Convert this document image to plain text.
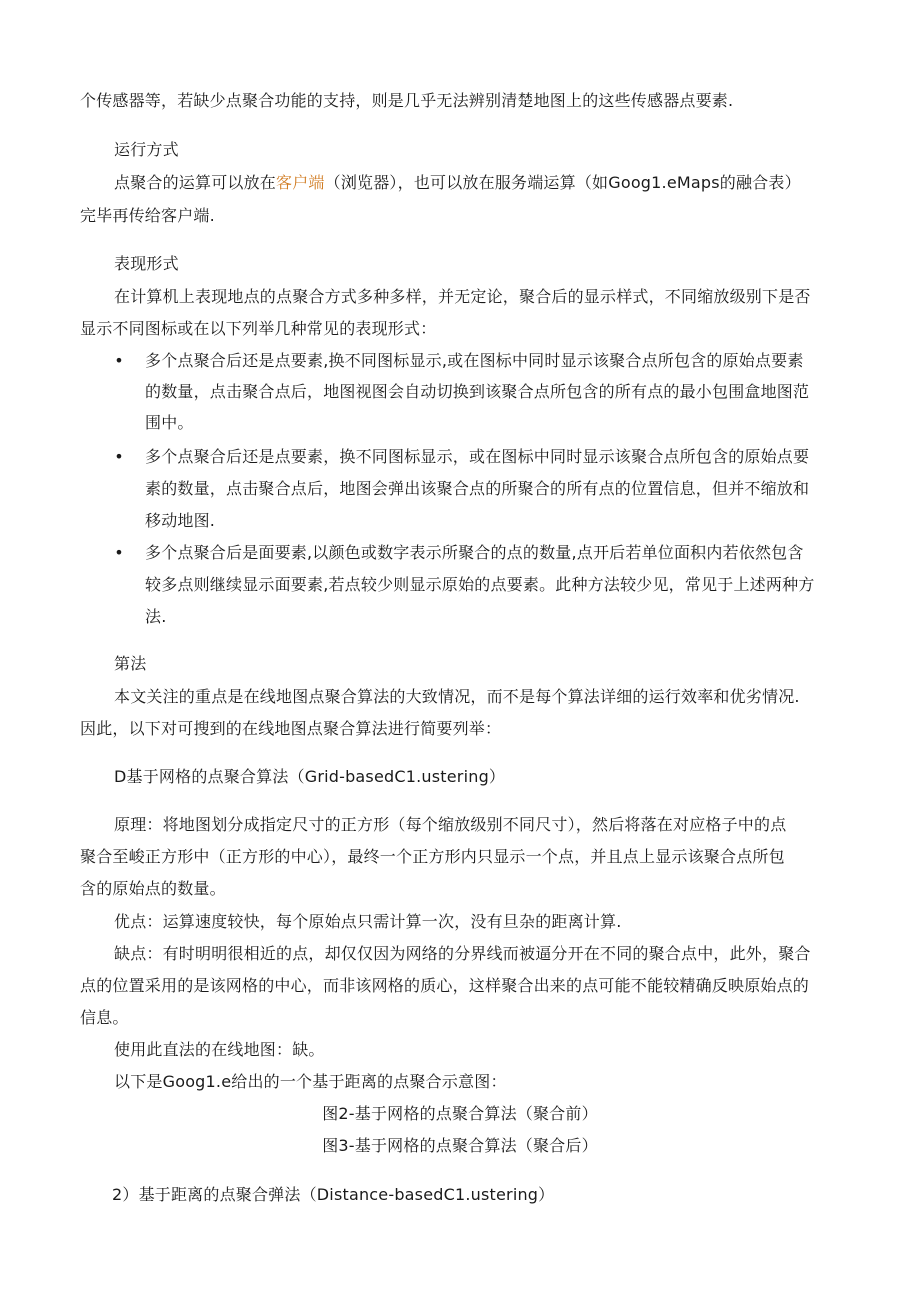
个传感器等，若缺少点聚合功能的支持，则是几乎无法辨别清楚地图上的这些传感器点要素.
运行方式
点聚合的运算可以放在客户端（浏览器），也可以放在服务端运算（如Goog1.eMaps的融合表）
完毕再传给客户端.
表现形式
在计算机上表现地点的点聚合方式多种多样，并无定论，聚合后的显示样式，不同缩放级别下是否
显示不同图标或在以下列举几种常见的表现形式：
• 多个点聚合后还是点要素,换不同图标显示,或在图标中同时显示该聚合点所包含的原始点要素
的数量，点击聚合点后，地图视图会自动切换到该聚合点所包含的所有点的最小包围盒地图范
围中。
• 多个点聚合后还是点要素，换不同图标显示，或在图标中同时显示该聚合点所包含的原始点要
素的数量，点击聚合点后，地图会弹出该聚合点的所聚合的所有点的位置信息，但并不缩放和
移动地图.
• 多个点聚合后是面要素,以颜色或数字表示所聚合的点的数量,点开后若单位面积内若依然包含
较多点则继续显示面要素,若点较少则显示原始的点要素。此种方法较少见，常见于上述两种方
法.
第法
本文关注的重点是在线地图点聚合算法的大致情况，而不是每个算法详细的运行效率和优劣情况.
因此，以下对可搜到的在线地图点聚合算法进行简要列举：
D基于网格的点聚合算法（Grid-basedC1.ustering）
原理：将地图划分成指定尺寸的正方形（每个缩放级别不同尺寸），然后将落在对应格子中的点
聚合至峻正方形中（正方形的中心），最终一个正方形内只显示一个点，并且点上显示该聚合点所包
含的原始点的数量。
优点：运算速度较快，每个原始点只需计算一次，没有旦杂的距离计算.
缺点：有时明明很相近的点，却仅仅因为网络的分界线而被逼分开在不同的聚合点中，此外，聚合
点的位置采用的是该网格的中心，而非该网格的质心，这样聚合出来的点可能不能较精确反映原始点的
信息。
使用此直法的在线地图：缺。
以下是Goog1.e给出的一个基于距离的点聚合示意图：
图2-基于网格的点聚合算法（聚合前）
图3-基于网格的点聚合算法（聚合后）
2）基于距离的点聚合弹法（Distance-basedC1.ustering）
